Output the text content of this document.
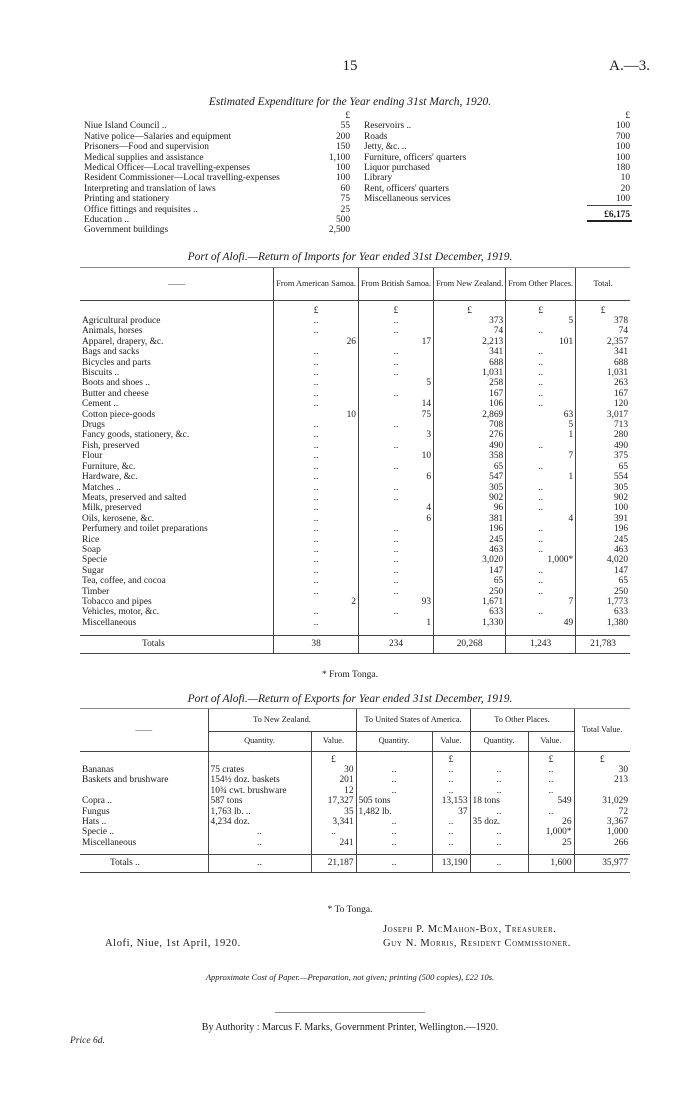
15	A.—3.
Estimated Expenditure for the Year ending 31st March, 1920.
	£
Niue Island Council ..	55
Native police—Salaries and equipment	200
Prisoners—Food and supervision	150
Medical supplies and assistance	1,100
Medical Officer—Local travelling-expenses	100
Resident Commissioner—Local travelling-expenses	100
Interpreting and translation of laws	60
Printing and stationery	75
Office fittings and requisites ..	25
Education ..	500
Government buildings	2,500
	£
Reservoirs ..	100
Roads	700
Jetty, &c. ..	100
Furniture, officers' quarters	100
Liquor purchased	180
Library	10
Rent, officers' quarters	20
Miscellaneous services	100

	£6,175

Port of Alofi.—Return of Imports for Year ended 31st December, 1919.
——	From American Samoa.	From British Samoa.	From New Zealand.	From Other Places.	Total.
	£	£	£	£	£
Agricultural produce	..	..	373	5	378
Animals, horses	..	..	74	..	74
Apparel, drapery, &c.	26	17	2,213	101	2,357
Bags and sacks	..	..	341	..	341
Bicycles and parts	..	..	688	..	688
Biscuits ..	..	..	1,031	..	1,031
Boots and shoes ..	..	5	258	..	263
Butter and cheese	..	..	167	..	167
Cement ..	..	14	106	..	120
Cotton piece-goods	10	75	2,869	63	3,017
Drugs	..	..	708	5	713
Fancy goods, stationery, &c.	..	3	276	1	280
Fish, preserved	..	..	490	..	490
Flour	..	10	358	7	375
Furniture, &c.	..	..	65	..	65
Hardware, &c.	..	6	547	1	554
Matches ..	..	..	305	..	305
Meats, preserved and salted	..	..	902	..	902
Milk, preserved	..	4	96	..	100
Oils, kerosene, &c.	..	6	381	4	391
Perfumery and toilet preparations	..	..	196	..	196
Rice	..	..	245	..	245
Soap	..	..	463	..	463
Specie	..	..	3,020	1,000*	4,020
Sugar	..	..	147	..	147
Tea, coffee, and cocoa	..	..	65	..	65
Timber	..	..	250	..	250
Tobacco and pipes	2	93	1,671	7	1,773
Vehicles, motor, &c.	..	..	633	..	633
Miscellaneous	..	1	1,330	49	1,380

Totals	38	234	20,268	1,243	21,783
* From Tonga.
Port of Alofi.—Return of Exports for Year ended 31st December, 1919.
——	To New Zealand.		To United States of America.		To Other Places.		Total Value.
	Quantity.	Value.	Quantity.	Value.	Quantity.	Value.	
		£		£		£	£
Bananas	75 crates	30	..	..	..	..	30
Baskets and brushware	154½ doz. baskets	201	..	..	..	..	213
	10¾ cwt. brushware	12	..	..	..	..	
Copra ..	587 tons	17,327	505 tons	13,153	18 tons	549	31,029
Fungus	1,763 lb. ..	35	1,482 lb.	37	..	..	72
Hats ..	4,234 doz.	3,341	..	..	35 doz.	26	3,367
Specie ..	..	..	..	..	..	1,000*	1,000
Miscellaneous	..	241	..	..	..	25	266

Totals ..	..	21,187	..	13,190	..	1,600	35,977
* To Tonga.
Alofi, Niue, 1st April, 1920.
Joseph P. McMahon-Box, Treasurer.
Guy N. Morris, Resident Commissioner.
Approximate Cost of Paper.—Preparation, not given; printing (500 copies), £22 10s.
By Authority : Marcus F. Marks, Government Printer, Wellington.—1920.
Price 6d.
